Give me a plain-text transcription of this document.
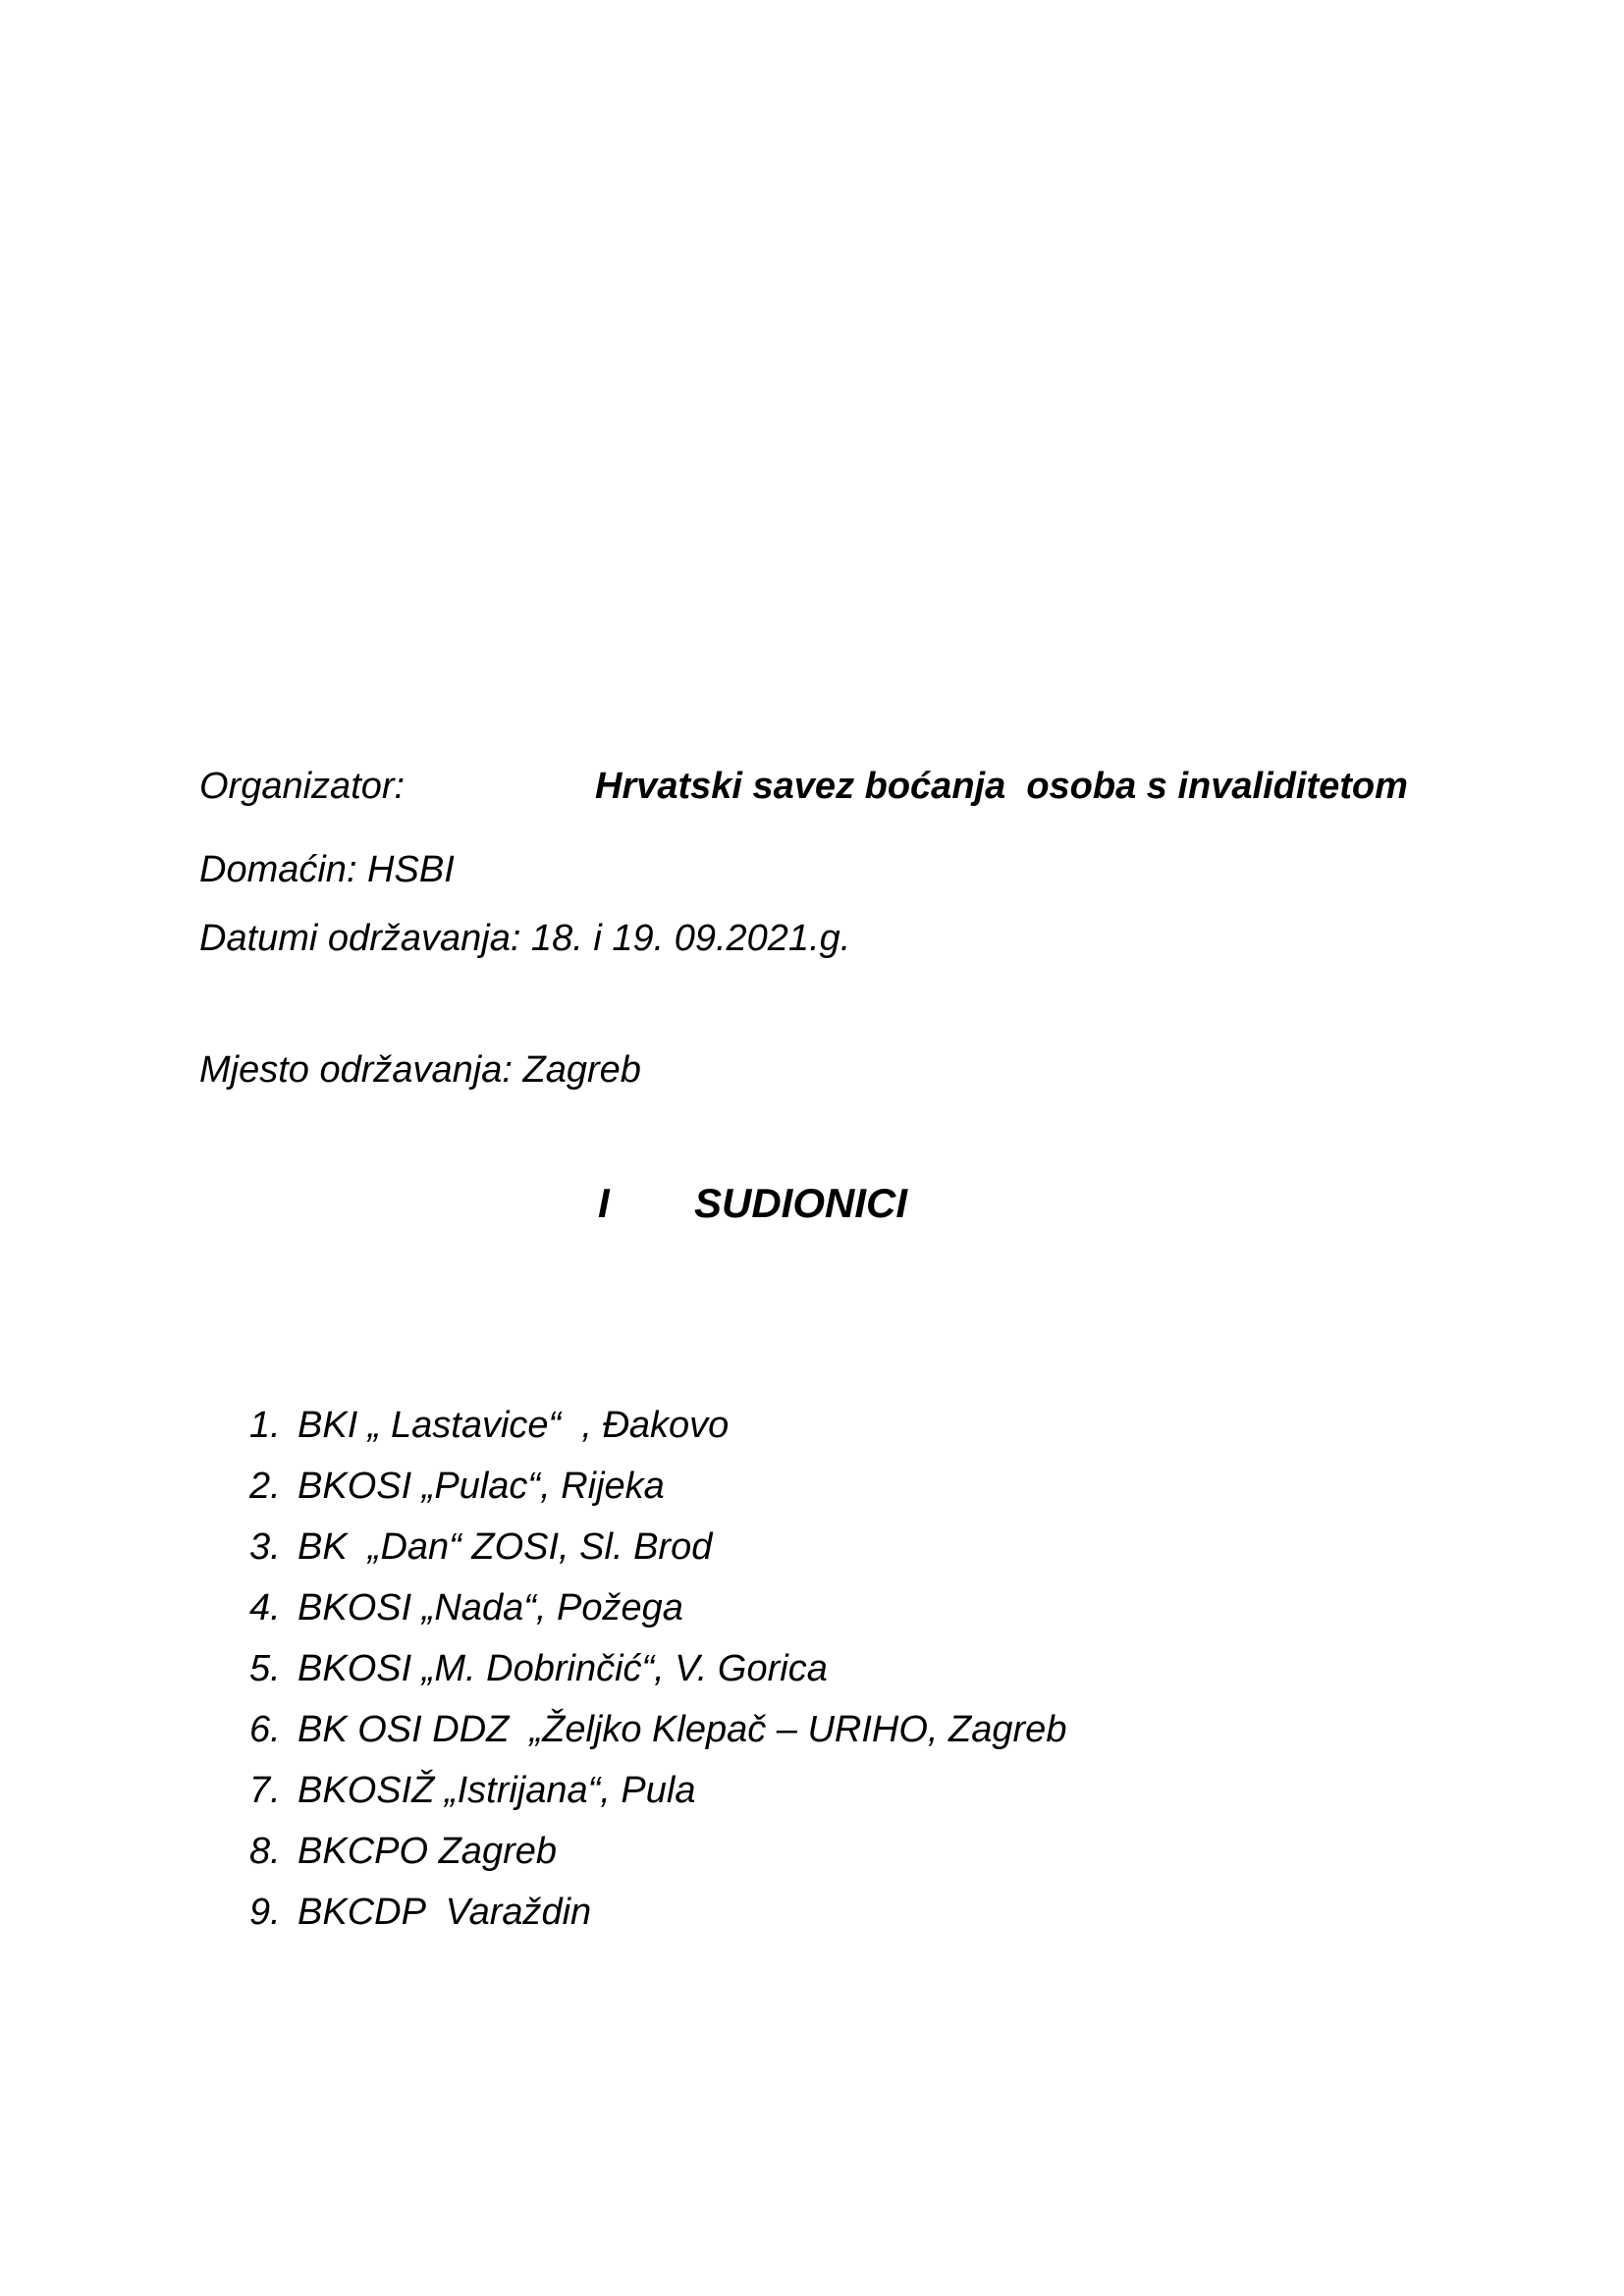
Organizator:	Hrvatski savez boćanja  osoba s invaliditetom
Domaćin: HSBI
Datumi održavanja: 18. i 19. 09.2021.g.
Mjesto održavanja: Zagreb
I SUDIONICI
1. BKI „ Lastavice“  , Đakovo
2. BKOSI „Pulac“, Rijeka
3. BK  „Dan“ ZOSI, Sl. Brod
4. BKOSI „Nada“, Požega
5. BKOSI „M. Dobrinčić“, V. Gorica
6. BK OSI DDZ  „Željko Klepač – URIHO, Zagreb
7. BKOSIŽ „Istrijana“, Pula
8. BKCPO Zagreb
9. BKCDP  Varaždin
